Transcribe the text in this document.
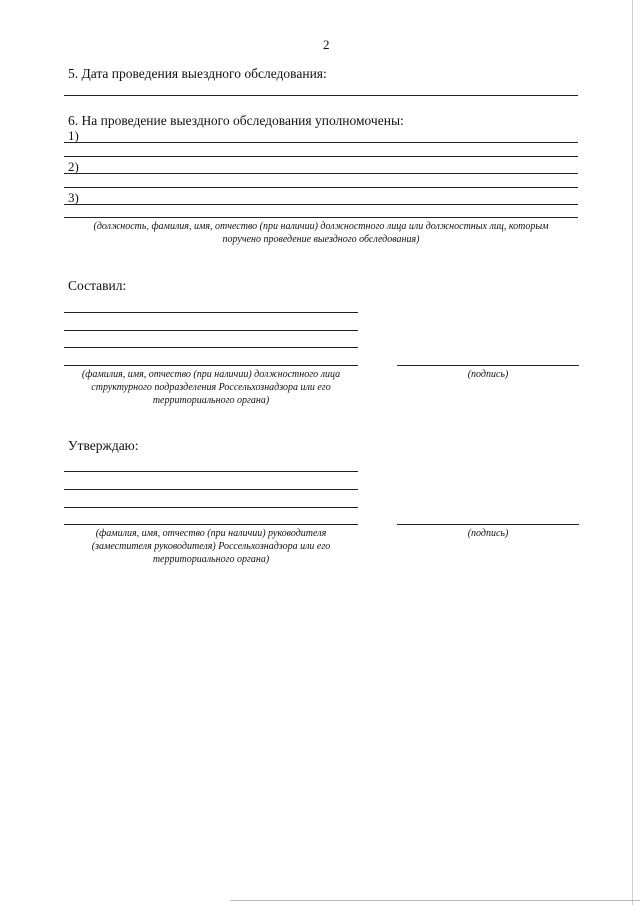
2
5. Дата проведения выездного обследования:
6. На проведение выездного обследования уполномочены:
1)
2)
3)
(должность, фамилия, имя, отчество (при наличии) должностного лица или должностных лиц, которым
поручено проведение выездного обследования)
Составил:
(фамилия, имя, отчество (при наличии) должностного лица
структурного подразделения Россельхознадзора или его
территориального органа)
(подпись)
Утверждаю:
(фамилия, имя, отчество (при наличии) руководителя
(заместителя руководителя) Россельхознадзора или его
территориального органа)
(подпись)
